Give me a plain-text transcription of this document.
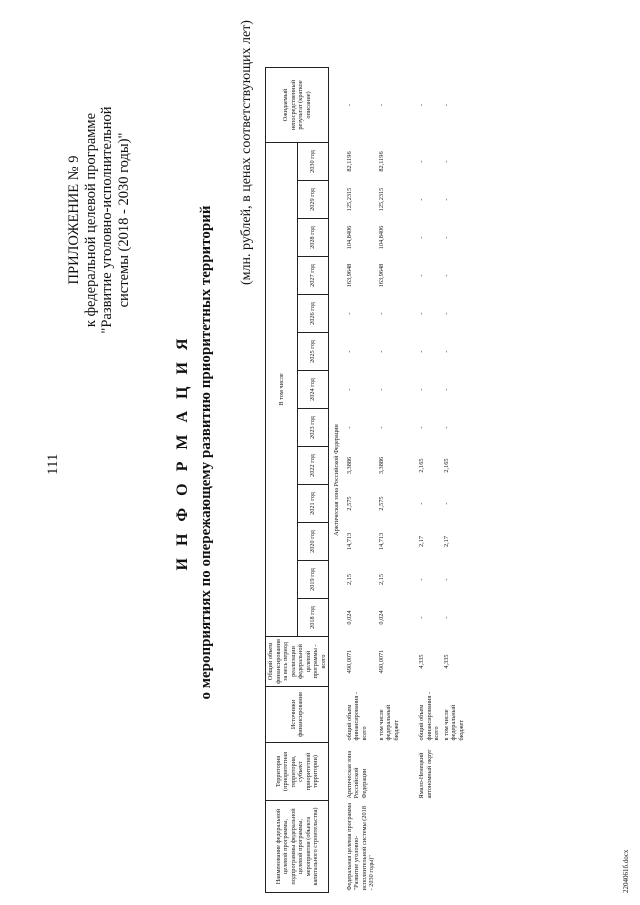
111
ПРИЛОЖЕНИЕ № 9 к федеральной целевой программе "Развитие уголовно-исполнительной системы (2018 - 2030 годы)"
И Н Ф О Р М А Ц И Я о мероприятиях по опережающему развитию приоритетных территорий
(млн. рублей, в ценах соответствующих лет)
Наименование федеральной целевой программы, подпрограммы федеральной целевой программы, мероприятия (объекта капитального строительства)	Территория (приоритетная территория, субъект приоритетной территории)	Источники финансирования	Общий объем финансирования за весь период реализации федеральной целевой программы - всего	В том числе													Ожидаемый непосредственный результат (краткое описание)
				2018 год	2019 год	2020 год	2021 год	2022 год	2023 год	2024 год	2025 год	2026 год	2027 год	2028 год	2029 год	2030 год	
Арктическая зона Российской Федерации																	
Федеральная целевая программа "Развитие уголовно-исполнительной системы (2018 - 2030 годы)"	Арктическая зона Российской Федерации	общий объем финансирования - всего	490,0071	0,024	2,15	14,713	2,575	3,3886	-	-	-	-	163,9648	104,8406	125,2315	82,1196	-
		в том числе федеральный бюджет	490,0071	0,024	2,15	14,713	2,575	3,3886	-	-	-	-	163,9648	104,8406	125,2315	82,1196	-

	Ямало-Ненецкий автономный округ	общий объем финансирования - всего	4,335	-	-	2,17	-	2,165	-	-	-	-	-	-	-	-	-
		в том числе федеральный бюджет	4,335	-	-	2,17	-	2,165	-	-	-	-	-	-	-	-	-
2204061б.docx
